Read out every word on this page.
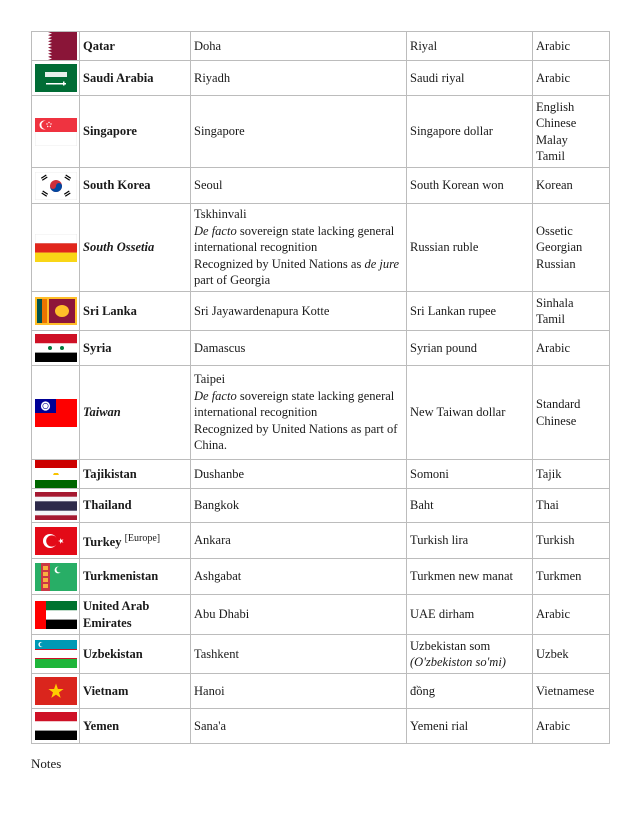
	Qatar	Doha	Riyal	Arabic

	Saudi Arabia	Riyadh	Saudi riyal	Arabic

	Singapore	Singapore	Singapore dollar	English
Chinese
Malay
Tamil

	South Korea	Seoul	South Korean won	Korean

	South Ossetia	Tskhinvali
De facto sovereign state lacking general international recognition
Recognized by United Nations as de jure part of Georgia	Russian ruble	Ossetic
Georgian
Russian

	Sri Lanka	Sri Jayawardenapura Kotte	Sri Lankan rupee	Sinhala
Tamil

	Syria	Damascus	Syrian pound	Arabic

	Taiwan	Taipei
De facto sovereign state lacking general international recognition
Recognized by United Nations as part of China.	New Taiwan dollar	Standard Chinese

	Tajikistan	Dushanbe	Somoni	Tajik

	Thailand	Bangkok	Baht	Thai

	Turkey [Europe]	Ankara	Turkish lira	Turkish

	Turkmenistan	Ashgabat	Turkmen new manat	Turkmen

	United Arab Emirates	Abu Dhabi	UAE dirham	Arabic

	Uzbekistan	Tashkent	Uzbekistan som
(O'zbekiston so'mi)	Uzbek

	Vietnam	Hanoi	đồng	Vietnamese

	Yemen	Sana'a	Yemeni rial	Arabic
Notes
